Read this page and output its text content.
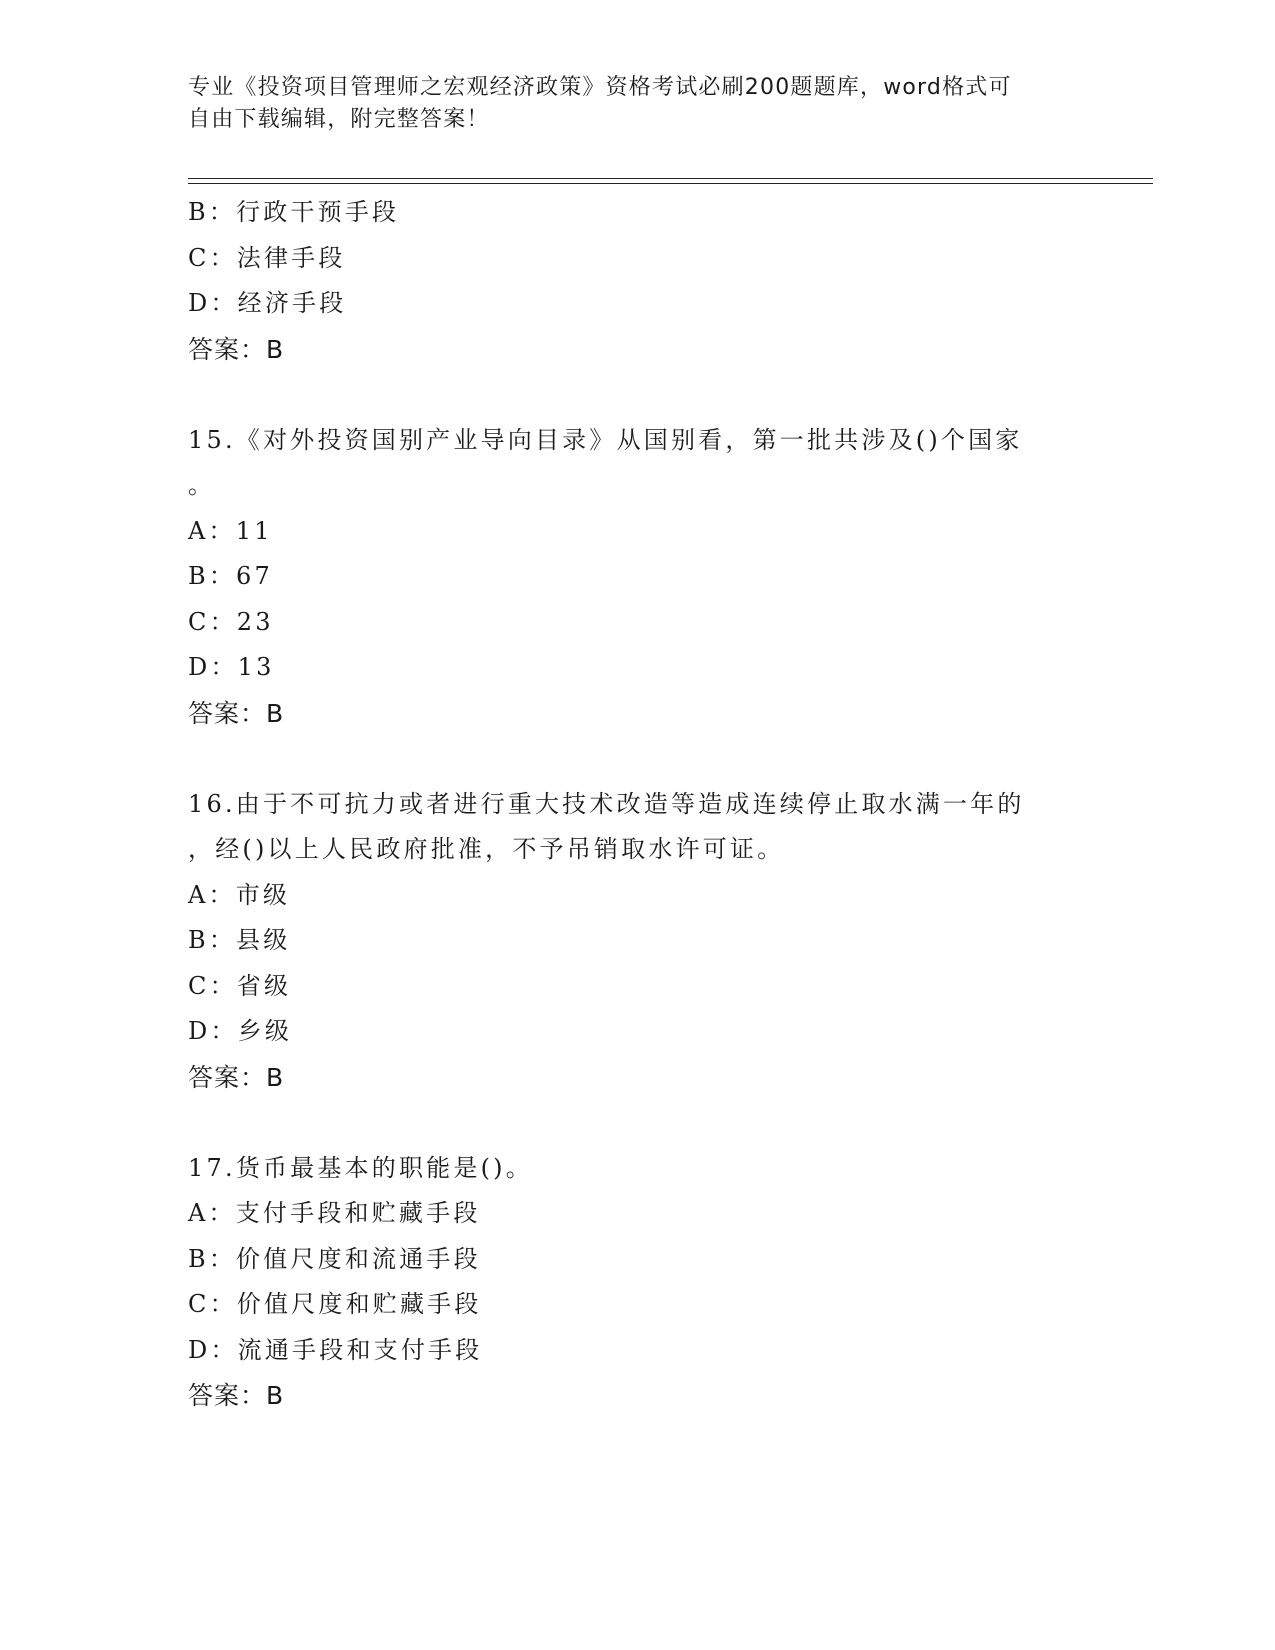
专业《投资项目管理师之宏观经济政策》资格考试必刷200题题库，word格式可
自由下载编辑，附完整答案！
B：行政干预手段
C：法律手段
D：经济手段
答案：B
15.《对外投资国别产业导向目录》从国别看，第一批共涉及()个国家
。
A：11
B：67
C：23
D：13
答案：B
16.由于不可抗力或者进行重大技术改造等造成连续停止取水满一年的
，经()以上人民政府批准，不予吊销取水许可证。
A：市级
B：县级
C：省级
D：乡级
答案：B
17.货币最基本的职能是()。
A：支付手段和贮藏手段
B：价值尺度和流通手段
C：价值尺度和贮藏手段
D：流通手段和支付手段
答案：B
